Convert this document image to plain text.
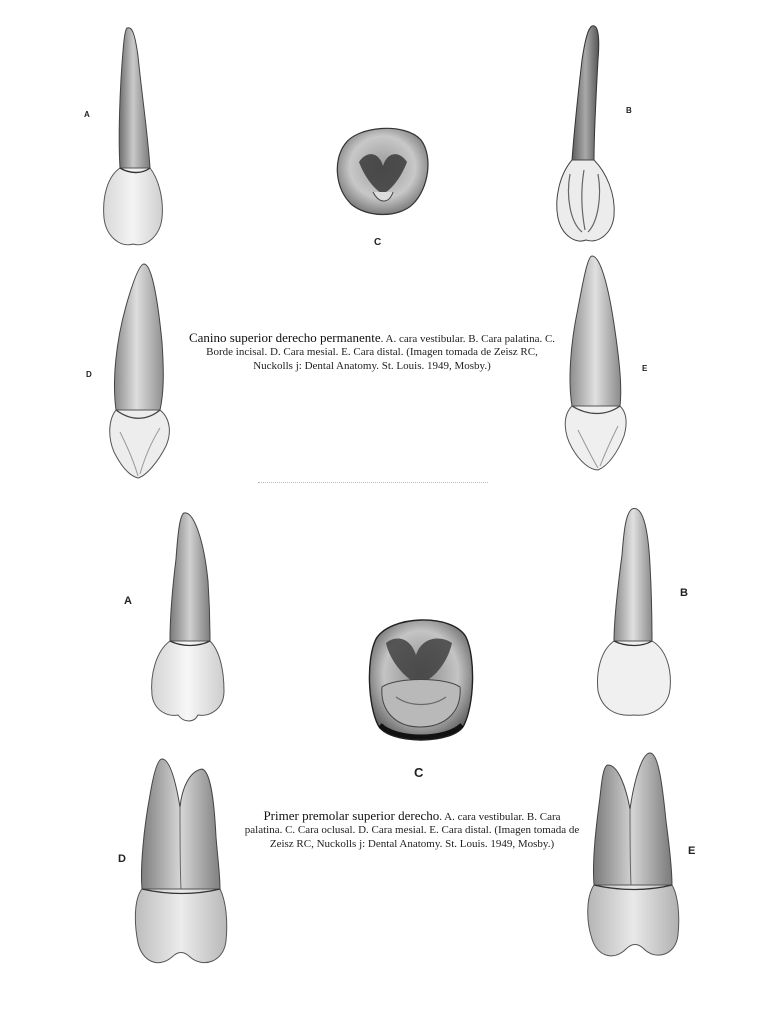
A
C
B
D
E
Canino superior derecho permanente. A. cara vestibular. B. Cara palatina. C. Borde incisal. D. Cara mesial. E. Cara distal. (Imagen tomada de Zeisz RC, Nuckolls j: Dental Anatomy. St. Louis. 1949, Mosby.)
A
C
B
D
E
Primer premolar superior derecho. A. cara vestibular. B. Cara palatina. C. Cara oclusal. D. Cara mesial. E. Cara distal. (Imagen tomada de Zeisz RC, Nuckolls j: Dental Anatomy. St. Louis. 1949, Mosby.)
